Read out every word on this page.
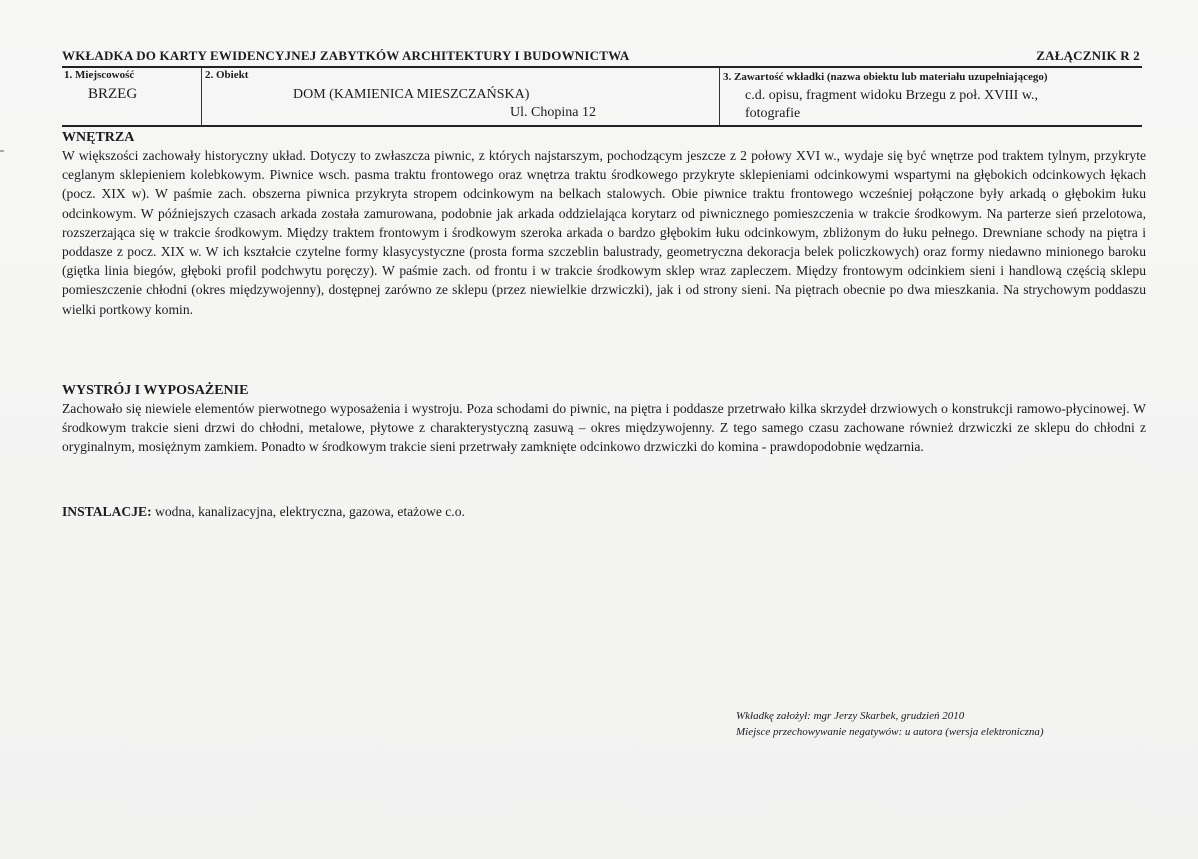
WKŁADKA DO KARTY EWIDENCYJNEJ ZABYTKÓW ARCHITEKTURY I BUDOWNICTWA	ZAŁĄCZNIK R 2
1. Miejscowość
BRZEG
2. Obiekt
DOM (KAMIENICA MIESZCZAŃSKA)
Ul. Chopina 12
3. Zawartość wkładki (nazwa obiektu lub materiału uzupełniającego)
c.d. opisu, fragment widoku Brzegu z poł. XVIII w.,
fotografie
WNĘTRZA

W większości zachowały historyczny układ. Dotyczy to zwłaszcza piwnic, z których najstarszym, pochodzącym jeszcze z 2 połowy XVI w., wydaje się być wnętrze pod traktem tylnym, przykryte ceglanym sklepieniem kolebkowym. Piwnice wsch. pasma traktu frontowego oraz wnętrza traktu środkowego przykryte sklepieniami odcinkowymi wspartymi na głębokich odcinkowych łękach (pocz. XIX w). W paśmie zach. obszerna piwnica przykryta stropem odcinkowym na belkach stalowych. Obie piwnice traktu frontowego wcześniej połączone były arkadą o głębokim łuku odcinkowym. W późniejszych czasach arkada została zamurowana, podobnie jak arkada oddzielająca korytarz od piwnicznego pomieszczenia w trakcie środkowym. Na parterze sień przelotowa, rozszerzająca się w trakcie środkowym. Między traktem frontowym i środkowym szeroka arkada o bardzo głębokim łuku odcinkowym, zbliżonym do łuku pełnego. Drewniane schody na piętra i poddasze z pocz. XIX w. W ich kształcie czytelne formy klasycystyczne (prosta forma szczeblin balustrady, geometryczna dekoracja belek policzkowych) oraz formy niedawno minionego baroku (giętka linia biegów, głęboki profil podchwytu poręczy). W paśmie zach. od frontu i w trakcie środkowym sklep wraz zapleczem. Między frontowym odcinkiem sieni i handlową częścią sklepu pomieszczenie chłodni (okres międzywojenny), dostępnej zarówno ze sklepu (przez niewielkie drzwiczki), jak i od strony sieni. Na piętrach obecnie po dwa mieszkania. Na strychowym poddaszu wielki portkowy komin.

WYSTRÓJ I WYPOSAŻENIE

Zachowało się niewiele elementów pierwotnego wyposażenia i wystroju. Poza schodami do piwnic, na piętra i poddasze przetrwało kilka skrzydeł drzwiowych o konstrukcji ramowo-płycinowej. W środkowym trakcie sieni drzwi do chłodni, metalowe, płytowe z charakterystyczną zasuwą – okres międzywojenny. Z tego samego czasu zachowane również drzwiczki ze sklepu do chłodni z oryginalnym, mosiężnym zamkiem. Ponadto w środkowym trakcie sieni przetrwały zamknięte odcinkowo drzwiczki do komina - prawdopodobnie wędzarnia.

INSTALACJE: wodna, kanalizacyjna, elektryczna, gazowa, etażowe c.o.

Wkładkę założył: mgr Jerzy Skarbek, grudzień 2010
Miejsce przechowywanie negatywów: u autora (wersja elektroniczna)
